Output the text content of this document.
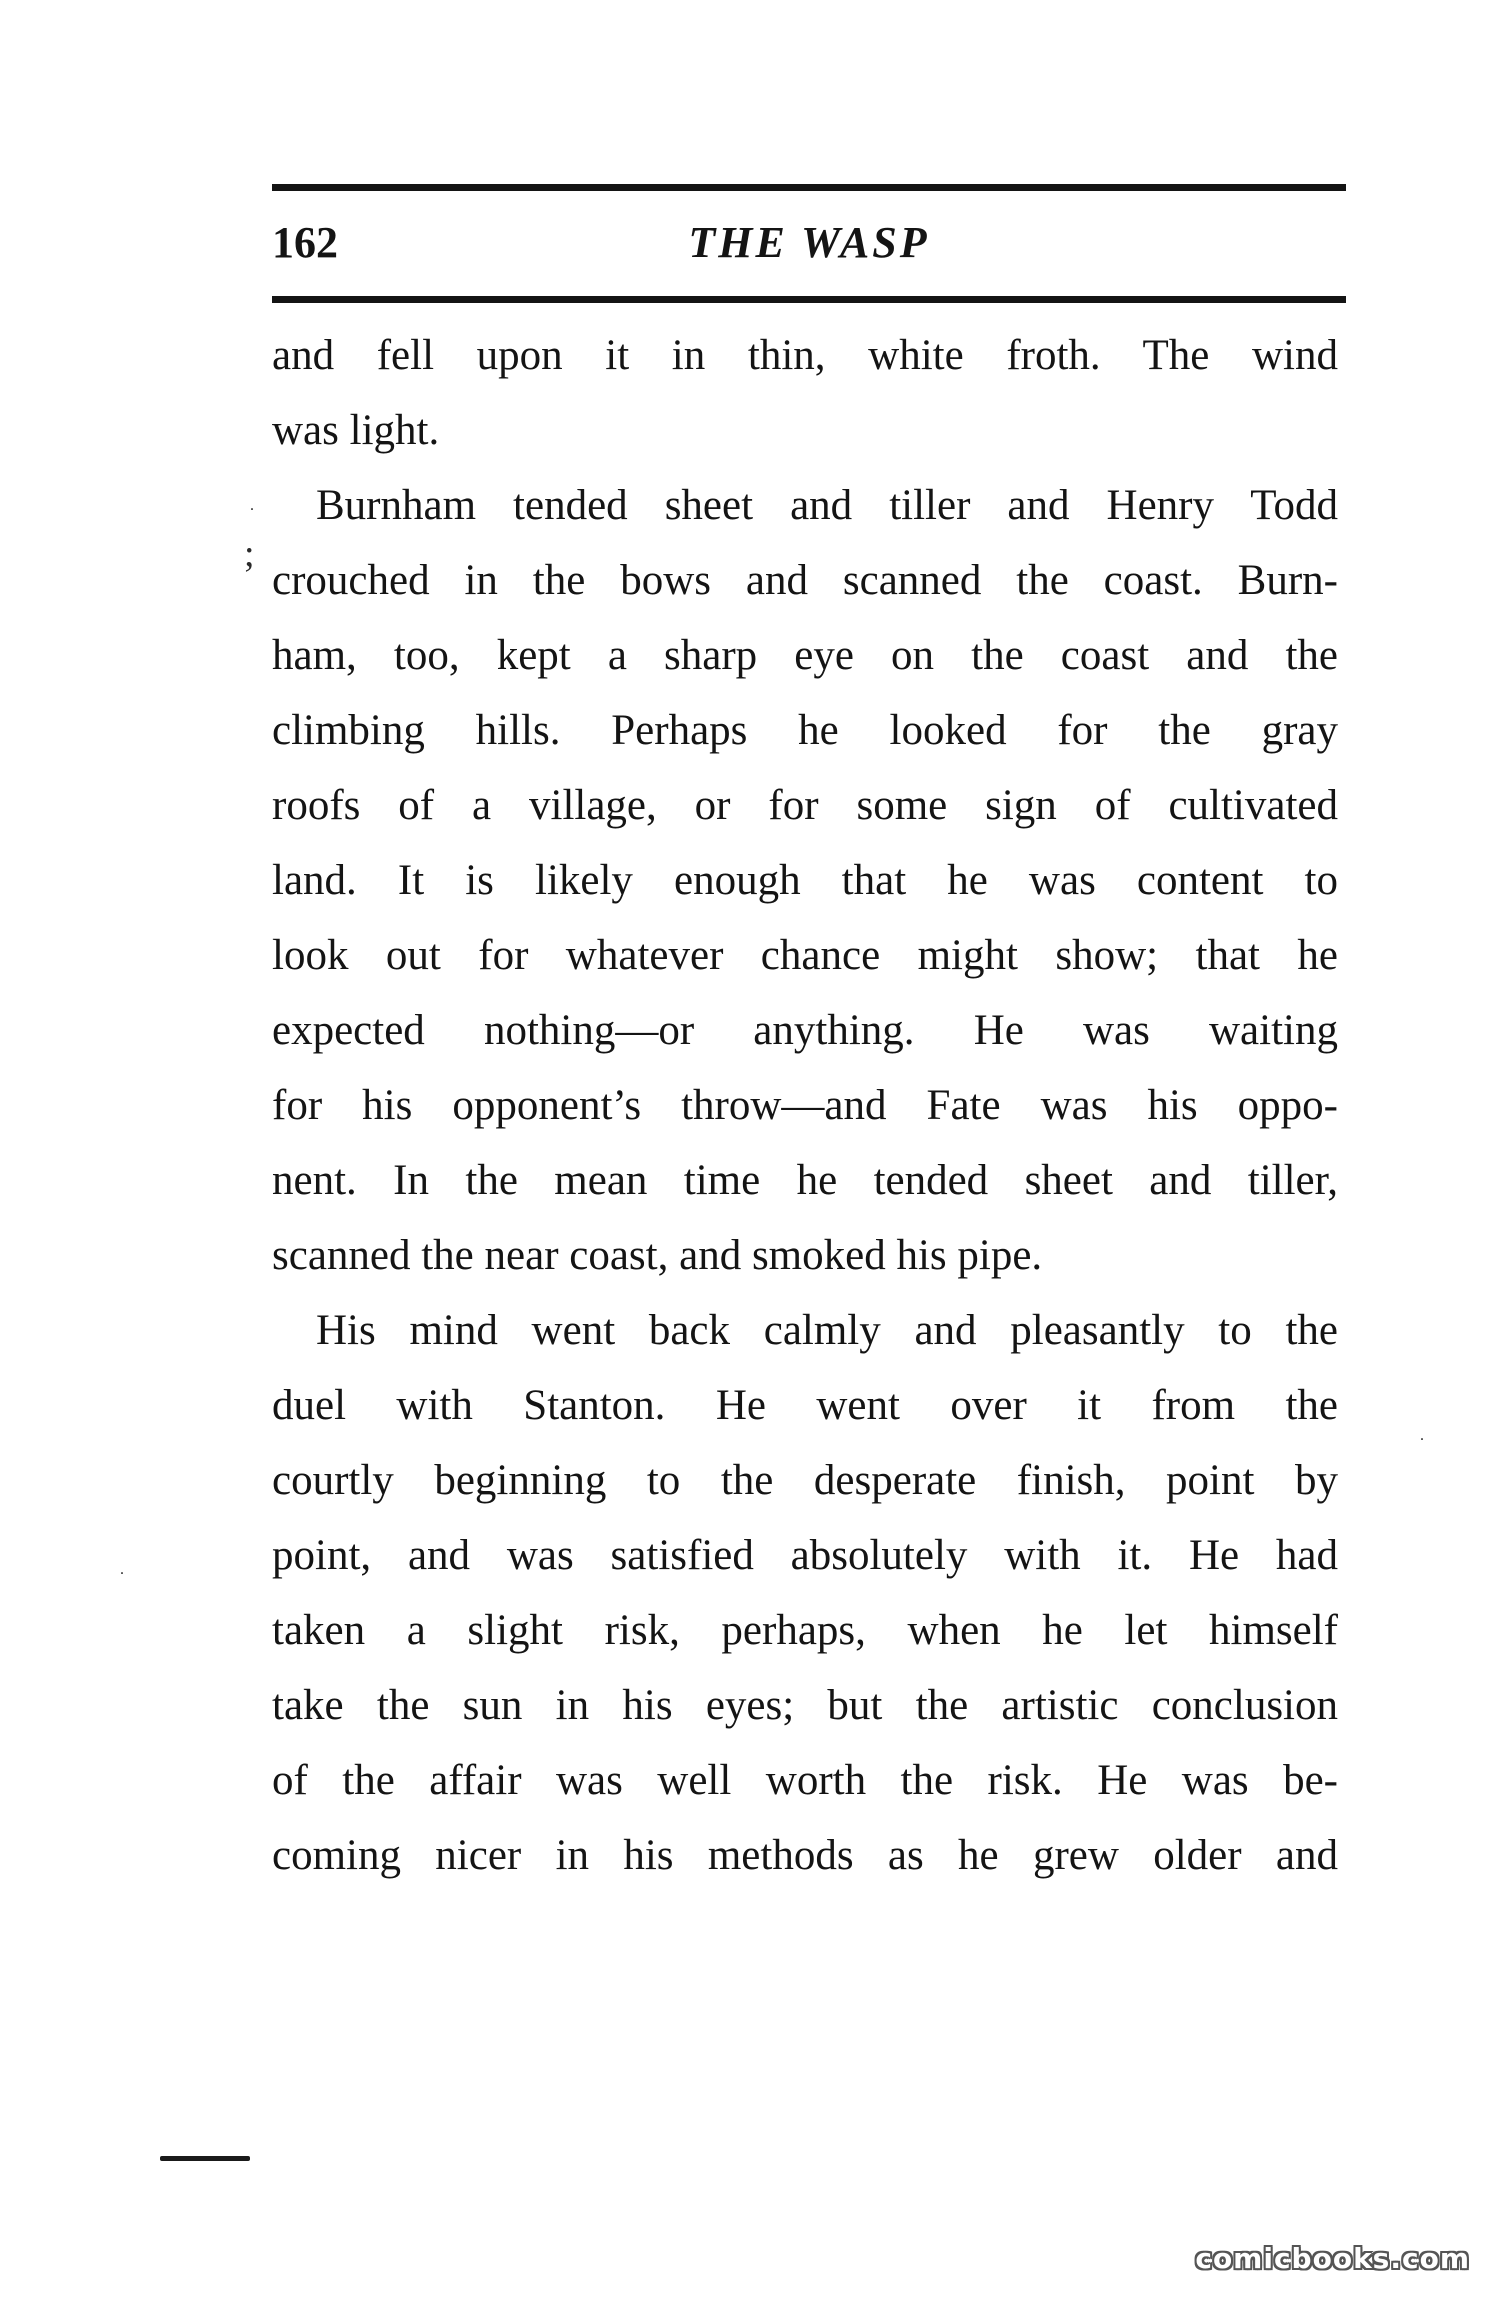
162	THE WASP
and fell upon it in thin, white froth. The wind
was light.
Burnham tended sheet and tiller and Henry Todd
crouched in the bows and scanned the coast. Burn-
ham, too, kept a sharp eye on the coast and the
climbing hills. Perhaps he looked for the gray
roofs of a village, or for some sign of cultivated
land. It is likely enough that he was content to
look out for whatever chance might show; that he
expected nothing—or anything. He was waiting
for his opponent’s throw—and Fate was his oppo-
nent. In the mean time he tended sheet and tiller,
scanned the near coast, and smoked his pipe.
His mind went back calmly and pleasantly to the
duel with Stanton. He went over it from the
courtly beginning to the desperate finish, point by
point, and was satisfied absolutely with it. He had
taken a slight risk, perhaps, when he let himself
take the sun in his eyes; but the artistic conclusion
of the affair was well worth the risk. He was be-
coming nicer in his methods as he grew older and
.
;
.
.
comicbooks.com
